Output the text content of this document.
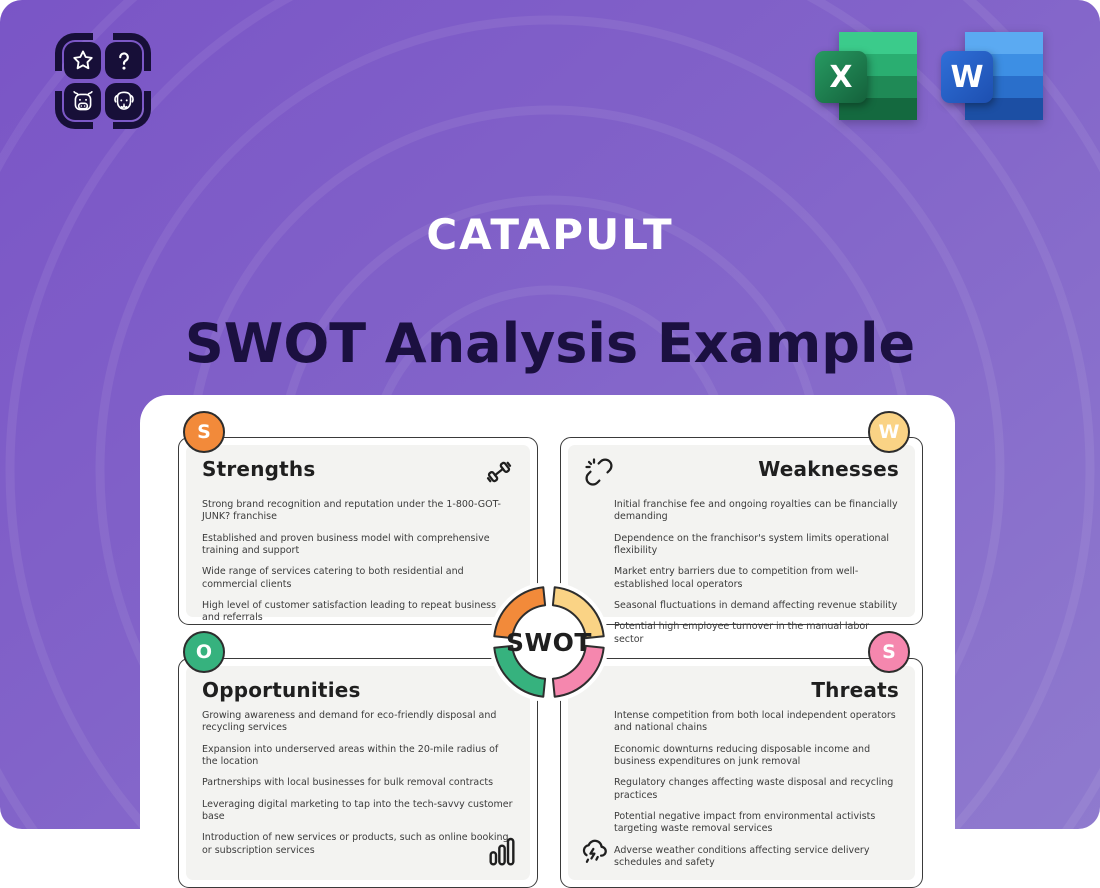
X	W
CATAPULT
SWOT Analysis Example
Strengths

Strong brand recognition and reputation under the 1-800-GOT-JUNK? franchise

Established and proven business model with comprehensive training and support

Wide range of services catering to both residential and commercial clients

High level of customer satisfaction leading to repeat business and referrals

Weaknesses

Initial franchise fee and ongoing royalties can be financially demanding

Dependence on the franchisor's system limits operational flexibility

Market entry barriers due to competition from well-established local operators

Seasonal fluctuations in demand affecting revenue stability

Potential high employee turnover in the manual labor sector

Opportunities

Growing awareness and demand for eco-friendly disposal and recycling services

Expansion into underserved areas within the 20-mile radius of the location

Partnerships with local businesses for bulk removal contracts

Leveraging digital marketing to tap into the tech-savvy customer base

Introduction of new services or products, such as online booking or subscription services

Threats

Intense competition from both local independent operators and national chains

Economic downturns reducing disposable income and business expenditures on junk removal

Regulatory changes affecting waste disposal and recycling practices

Potential negative impact from environmental activists targeting waste removal services

Adverse weather conditions affecting service delivery schedules and safety

S	W
O	S
SWOT
